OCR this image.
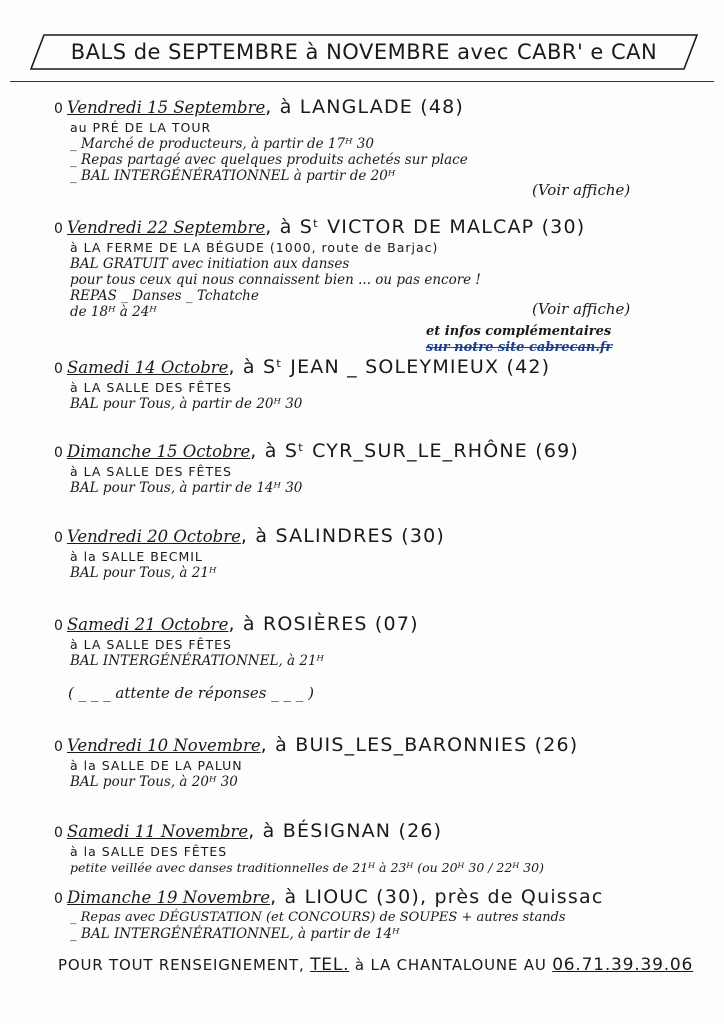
BALS de SEPTEMBRE à NOVEMBRE avec CABR' e CAN
0 Vendredi 15 Septembre, à LANGLADE (48)
au PRÉ DE LA TOUR
_ Marché de producteurs, à partir de 17ᴴ 30
_ Repas partagé avec quelques produits achetés sur place
_ BAL INTERGÉNÉRATIONNEL à partir de 20ᴴ
(Voir affiche)
0 Vendredi 22 Septembre, à Sᵗ VICTOR DE MALCAP (30)
à LA FERME DE LA BÉGUDE (1000, route de Barjac)
BAL GRATUIT avec initiation aux danses
pour tous ceux qui nous connaissent bien ... ou pas encore !
REPAS _ Danses _ Tchatche
de 18ᴴ à 24ᴴ	(Voir affiche)
et infos complémentaires
sur notre site cabrecan.fr
0 Samedi 14 Octobre, à Sᵗ JEAN _ SOLEYMIEUX (42)
à LA SALLE DES FÊTES
BAL pour Tous, à partir de 20ᴴ 30
0 Dimanche 15 Octobre, à Sᵗ CYR_SUR_LE_RHÔNE (69)
à LA SALLE DES FÊTES
BAL pour Tous, à partir de 14ᴴ 30
0 Vendredi 20 Octobre, à SALINDRES (30)
à la SALLE BECMIL
BAL pour Tous, à 21ᴴ
0 Samedi 21 Octobre, à ROSIÈRES (07)
à LA SALLE DES FÊTES
BAL INTERGÉNÉRATIONNEL, à 21ᴴ
( _ _ _ attente de réponses _ _ _ )
0 Vendredi 10 Novembre, à BUIS_LES_BARONNIES (26)
à la SALLE DE LA PALUN
BAL pour Tous, à 20ᴴ 30
0 Samedi 11 Novembre, à BÉSIGNAN (26)
à la SALLE DES FÊTES
petite veillée avec danses traditionnelles de 21ᴴ à 23ᴴ (ou 20ᴴ 30 / 22ᴴ 30)
0 Dimanche 19 Novembre, à LIOUC (30), près de Quissac
_ Repas avec DÉGUSTATION (et CONCOURS) de SOUPES + autres stands
_ BAL INTERGÉNÉRATIONNEL, à partir de 14ᴴ
POUR TOUT RENSEIGNEMENT, TEL. à LA CHANTALOUNE AU 06.71.39.39.06
